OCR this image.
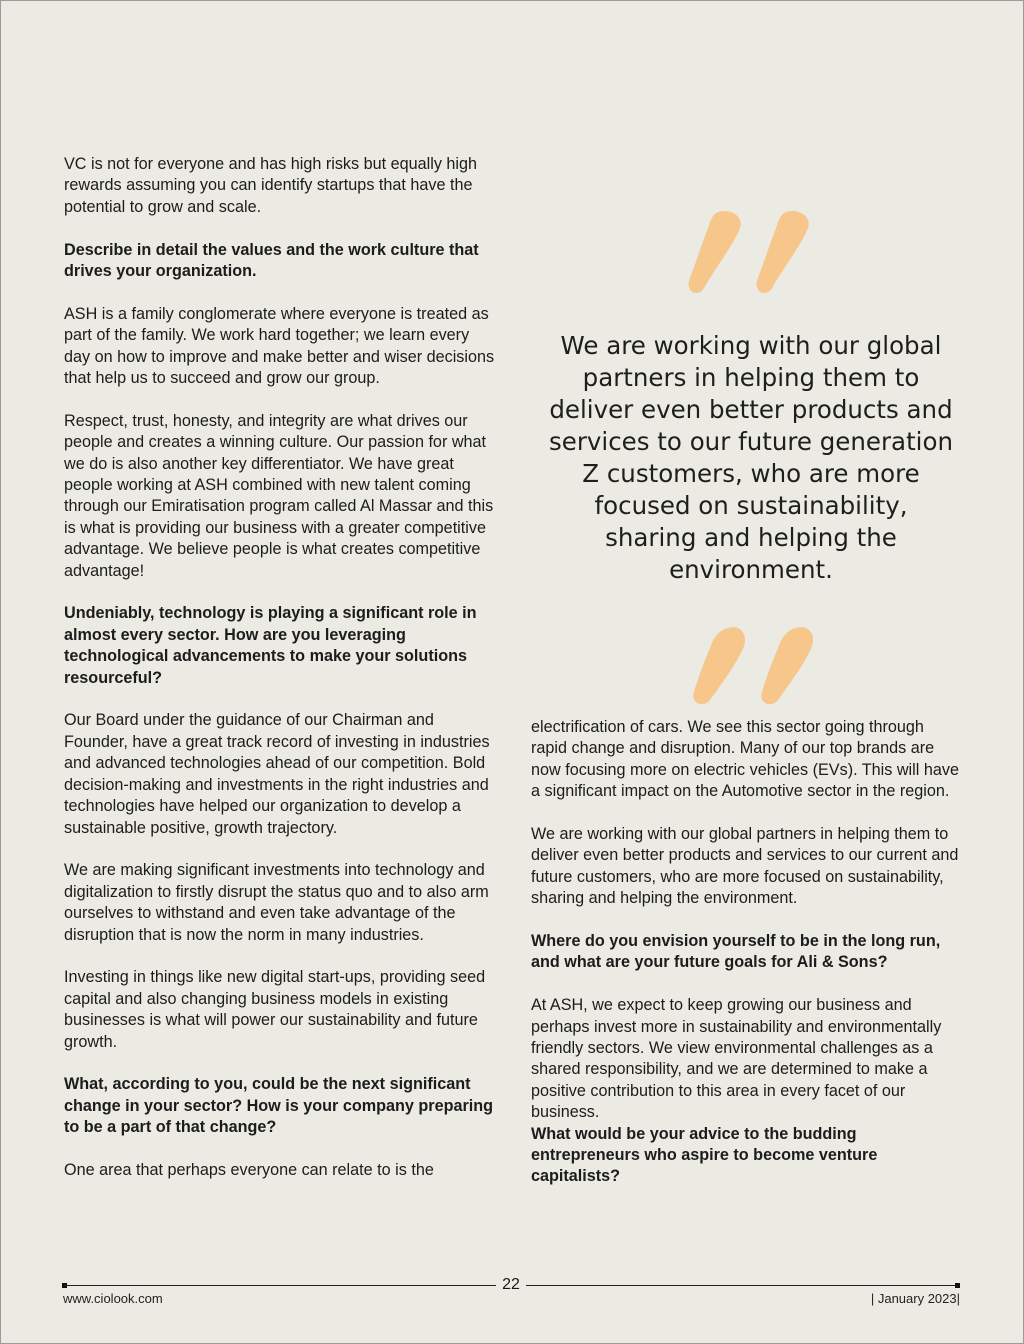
VC is not for everyone and has high risks but equally high rewards assuming you can identify startups that have the potential to grow and scale.

Describe in detail the values and the work culture that drives your organization.

ASH is a family conglomerate where everyone is treated as part of the family. We work hard together; we learn every day on how to improve and make better and wiser decisions that help us to succeed and grow our group.

Respect, trust, honesty, and integrity are what drives our people and creates a winning culture. Our passion for what we do is also another key differentiator. We have great people working at ASH combined with new talent coming through our Emiratisation program called Al Massar and this is what is providing our business with a greater competitive advantage. We believe people is what creates competitive advantage!

Undeniably, technology is playing a significant role in almost every sector. How are you leveraging technological advancements to make your solutions resourceful?

Our Board under the guidance of our Chairman and Founder, have a great track record of investing in industries and advanced technologies ahead of our competition. Bold decision-making and investments in the right industries and technologies have helped our organization to develop a sustainable positive, growth trajectory.

We are making significant investments into technology and digitalization to firstly disrupt the status quo and to also arm ourselves to withstand and even take advantage of the disruption that is now the norm in many industries.

Investing in things like new digital start-ups, providing seed capital and also changing business models in existing businesses is what will power our sustainability and future growth.

What, according to you, could be the next significant change in your sector? How is your company preparing to be a part of that change?

One area that perhaps everyone can relate to is the

We are working with our global partners in helping them to deliver even better products and services to our future generation Z customers, who are more focused on sustainability, sharing and helping the environment.

electrification of cars. We see this sector going through rapid change and disruption. Many of our top brands are now focusing more on electric vehicles (EVs). This will have a significant impact on the Automotive sector in the region.

We are working with our global partners in helping them to deliver even better products and services to our current and future customers, who are more focused on sustainability, sharing and helping the environment.

Where do you envision yourself to be in the long run, and what are your future goals for Ali & Sons?

At ASH, we expect to keep growing our business and perhaps invest more in sustainability and environmentally friendly sectors. We view environmental challenges as a shared responsibility, and we are determined to make a positive contribution to this area in every facet of our business.

What would be your advice to the budding entrepreneurs who aspire to become venture capitalists?

22
www.ciolook.com	| January 2023|
